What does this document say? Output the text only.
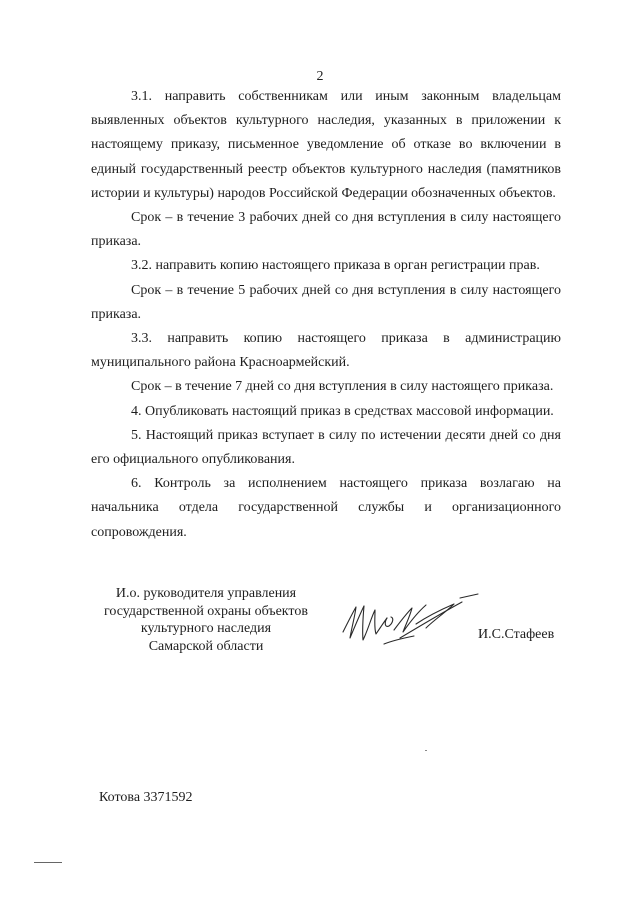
2

3.1. направить собственникам или иным законным владельцам выявленных объектов культурного наследия, указанных в приложении к настоящему приказу, письменное уведомление об отказе во включении в единый государственный реестр объектов культурного наследия (памятников истории и культуры) народов Российской Федерации обозначенных объектов.

Срок – в течение 3 рабочих дней со дня вступления в силу настоящего приказа.

3.2. направить копию настоящего приказа в орган регистрации прав.

Срок – в течение 5 рабочих дней со дня вступления в силу настоящего приказа.

3.3. направить копию настоящего приказа в администрацию муниципального района Красноармейский.

Срок – в течение 7 дней со дня вступления в силу настоящего приказа.

4. Опубликовать настоящий приказ в средствах массовой информации.

5. Настоящий приказ вступает в силу по истечении десяти дней со дня его официального опубликования.

6. Контроль за исполнением настоящего приказа возлагаю на начальника отдела государственной службы и организационного сопровождения.

И.о. руководителя управления
государственной охраны объектов
культурного наследия
Самарской области
И.С.Стафеев
Котова 3371592
